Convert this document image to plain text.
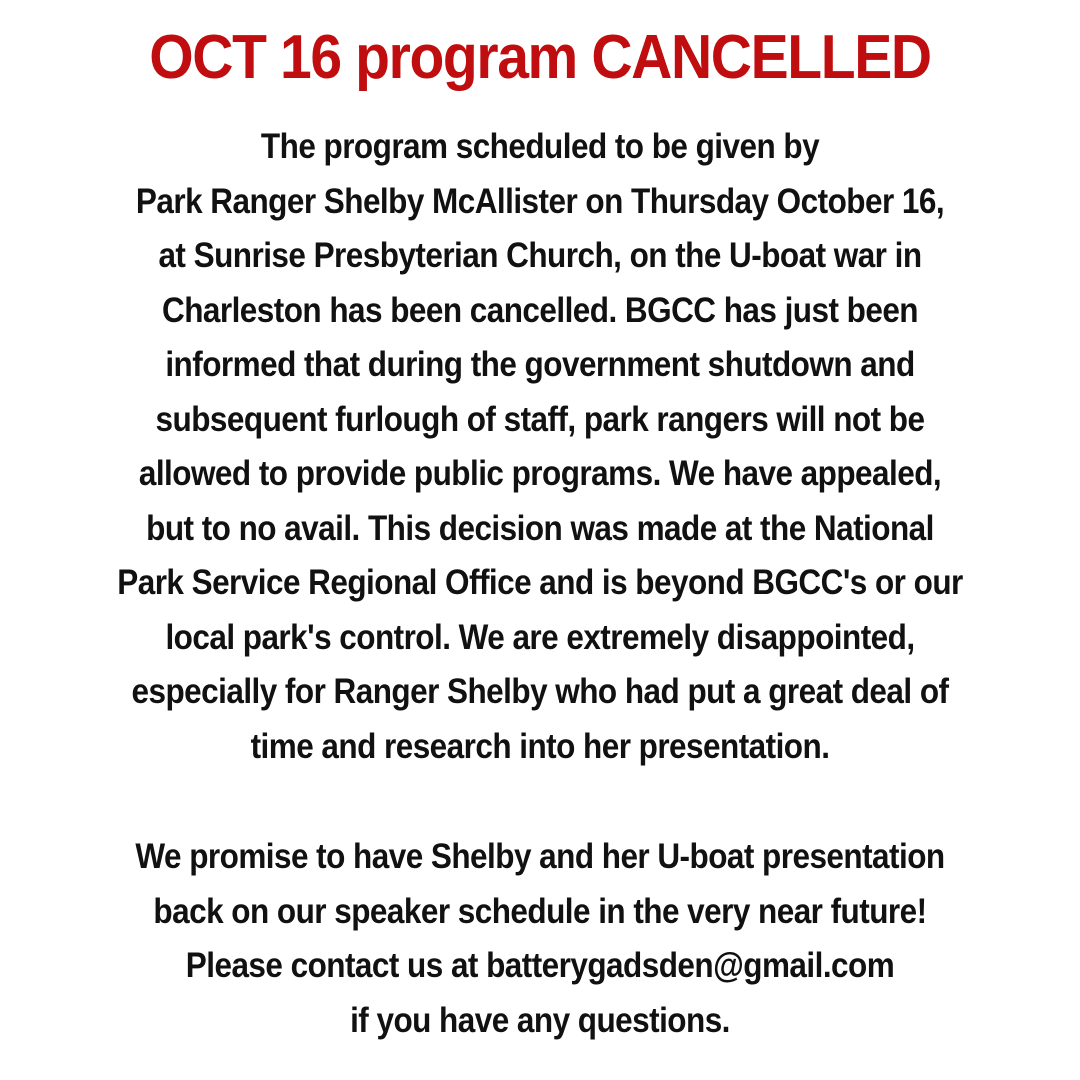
OCT 16 program CANCELLED

The program scheduled to be given by
Park Ranger Shelby McAllister on Thursday October 16,
at Sunrise Presbyterian Church, on the U-boat war in
Charleston has been cancelled. BGCC has just been
informed that during the government shutdown and
subsequent furlough of staff, park rangers will not be
allowed to provide public programs. We have appealed,
but to no avail. This decision was made at the National
Park Service Regional Office and is beyond BGCC's or our
local park's control. We are extremely disappointed,
especially for Ranger Shelby who had put a great deal of
time and research into her presentation.

We promise to have Shelby and her U-boat presentation
back on our speaker schedule in the very near future!
Please contact us at batterygadsden@gmail.com
if you have any questions.
